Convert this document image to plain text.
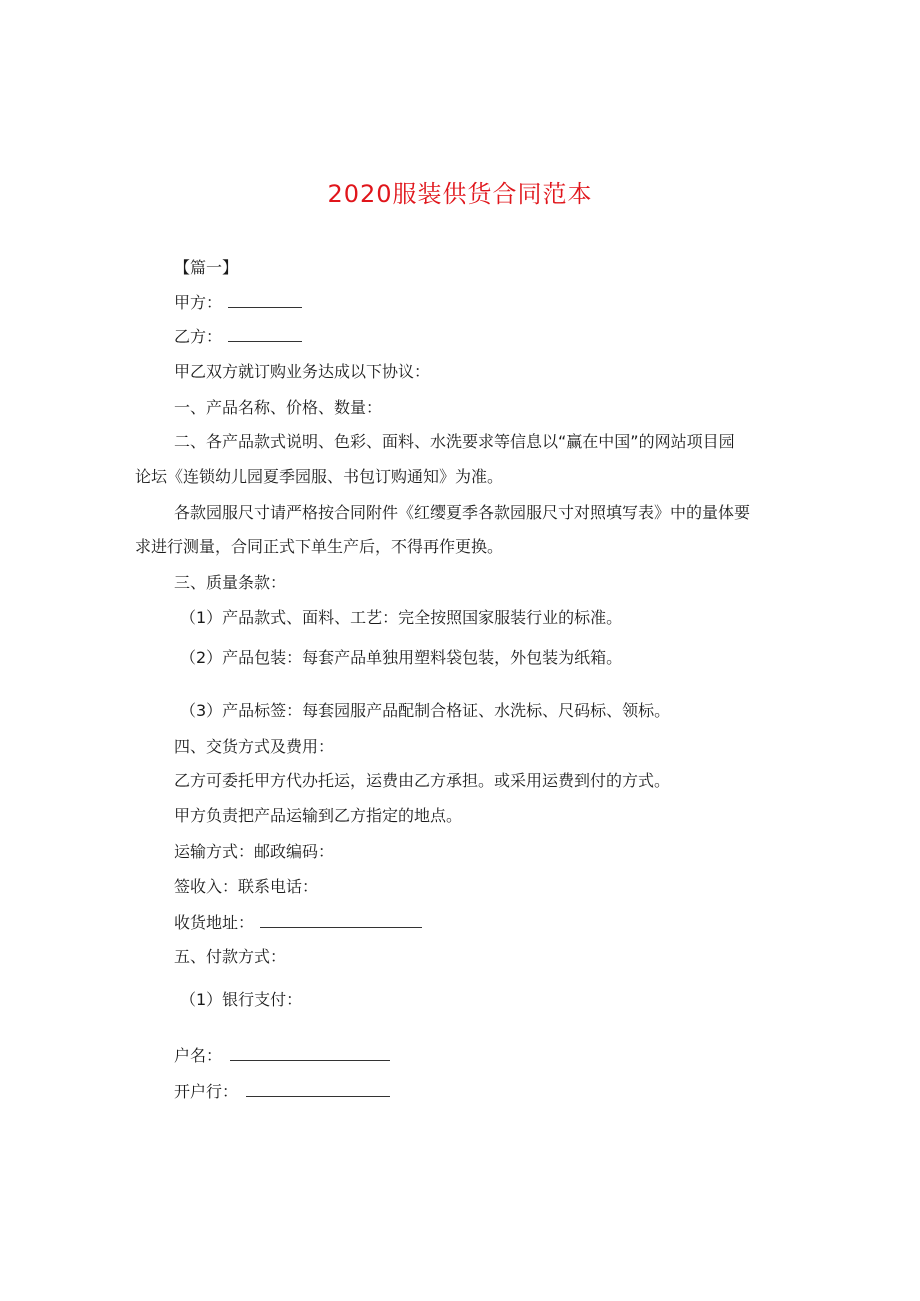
2020服装供货合同范本
【篇一】
甲方：
乙方：
甲乙双方就订购业务达成以下协议：
一、产品名称、价格、数量：
二、各产品款式说明、色彩、面料、水洗要求等信息以“赢在中国”的网站项目园
论坛《连锁幼儿园夏季园服、书包订购通知》为准。
各款园服尺寸请严格按合同附件《红缨夏季各款园服尺寸对照填写表》中的量体要
求进行测量，合同正式下单生产后，不得再作更换。
三、质量条款：
（1）产品款式、面料、工艺：完全按照国家服装行业的标准。
（2）产品包装：每套产品单独用塑料袋包装，外包装为纸箱。
（3）产品标签：每套园服产品配制合格证、水洗标、尺码标、领标。
四、交货方式及费用：
乙方可委托甲方代办托运，运费由乙方承担。或采用运费到付的方式。
甲方负责把产品运输到乙方指定的地点。
运输方式：邮政编码：
签收入：联系电话：
收货地址：
五、付款方式：
（1）银行支付：
户名：
开户行：
